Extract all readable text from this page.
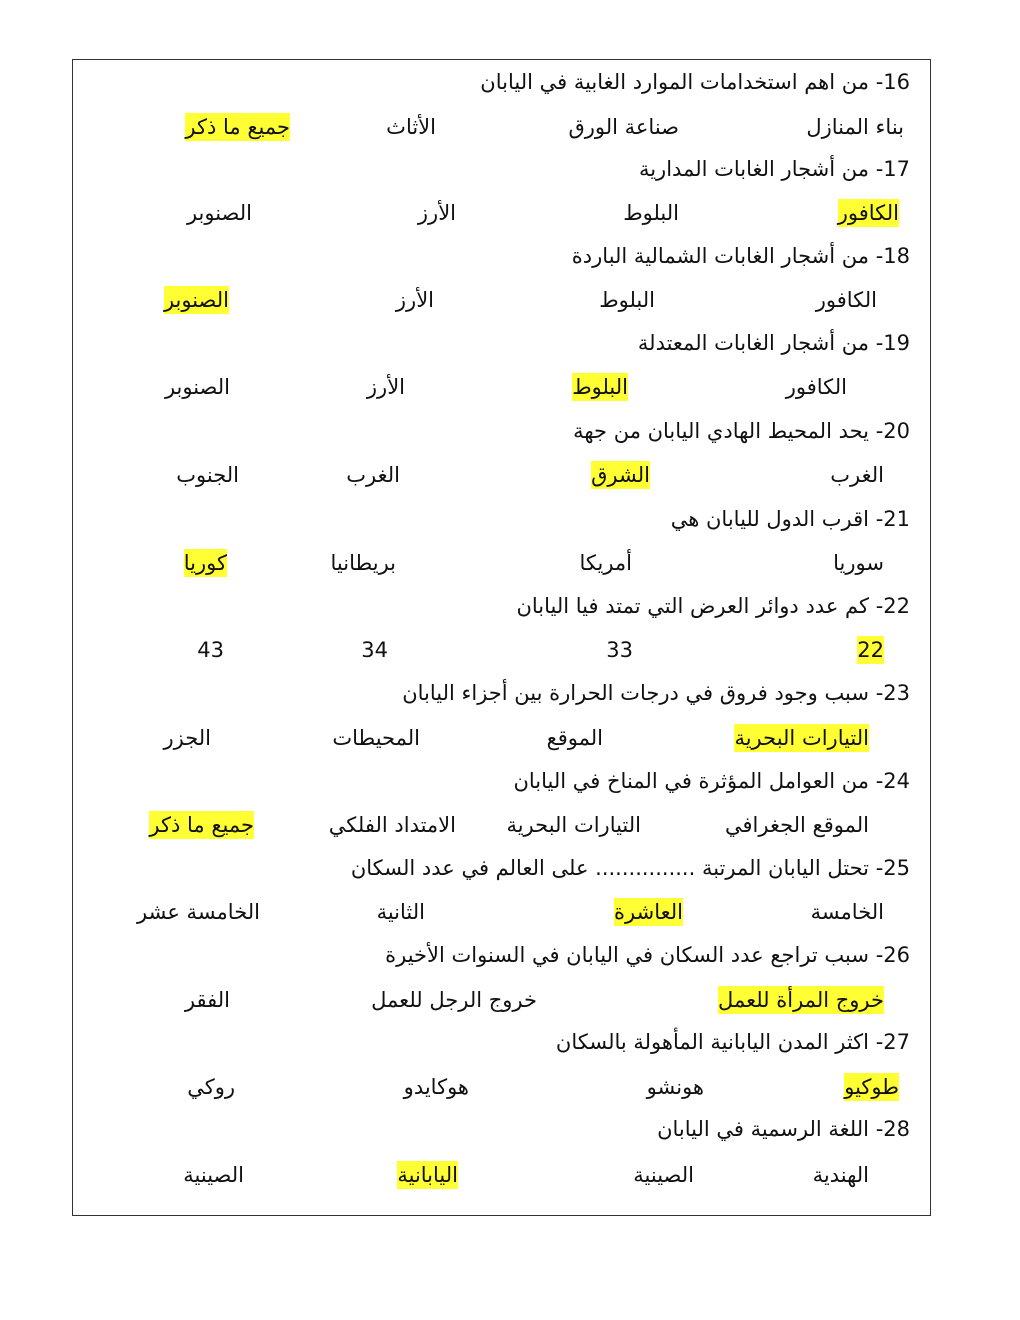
16- من اهم استخدامات الموارد الغابية في اليابان
بناء المنازل
صناعة الورق
الأثاث
جميع ما ذكر
17- من أشجار الغابات المدارية
الكافور
البلوط
الأرز
الصنوبر
18- من أشجار الغابات الشمالية الباردة
الكافور
البلوط
الأرز
الصنوبر
19- من أشجار الغابات المعتدلة
الكافور
البلوط
الأرز
الصنوبر
20- يحد المحيط الهادي اليابان من جهة
الغرب
الشرق
الغرب
الجنوب
21- اقرب الدول لليابان هي
سوريا
أمريكا
بريطانيا
كوريا
22- كم عدد دوائر العرض التي تمتد فيا اليابان
22
33
34
43
23- سبب وجود فروق في درجات الحرارة بين أجزاء اليابان
التيارات البحرية
الموقع
المحيطات
الجزر
24- من العوامل المؤثرة في المناخ في اليابان
الموقع الجغرافي
التيارات البحرية
الامتداد الفلكي
جميع ما ذكر
25- تحتل اليابان المرتبة ............... على العالم في عدد السكان
الخامسة
العاشرة
الثانية
الخامسة عشر
26- سبب تراجع عدد السكان في اليابان في السنوات الأخيرة
خروج المرأة للعمل
خروج الرجل للعمل
الفقر
27- اكثر المدن اليابانية المأهولة بالسكان
طوكيو
هونشو
هوكايدو
روكي
28- اللغة الرسمية في اليابان
الهندية
الصينية
اليابانية
الصينية
